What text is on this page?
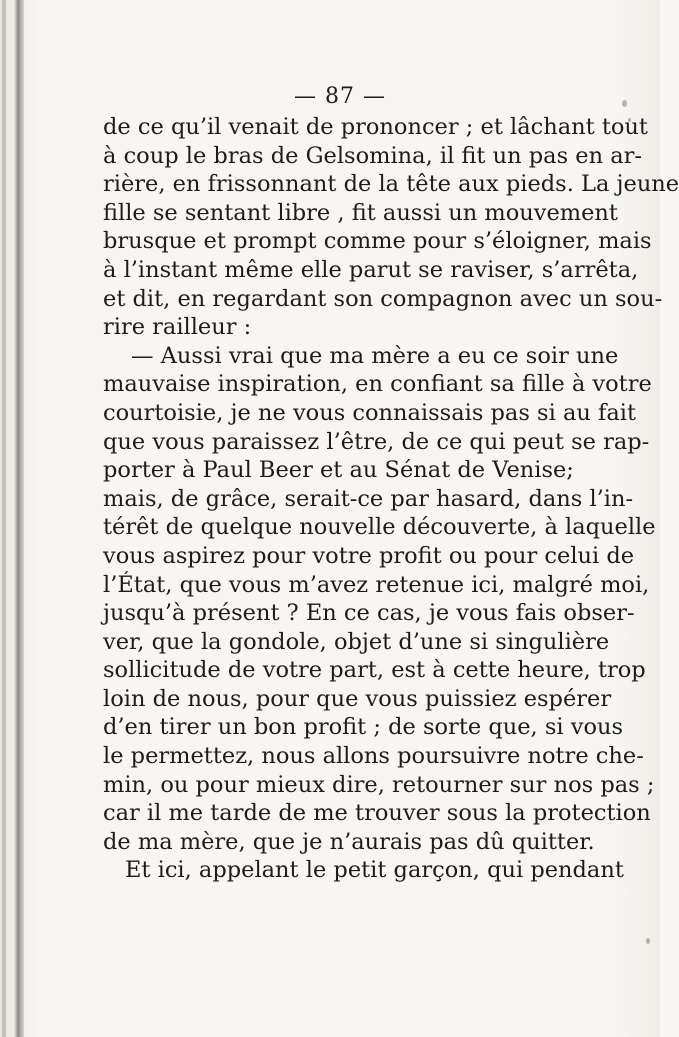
— 87 —
de ce qu’il venait de prononcer ; et lâchant tout
à coup le bras de Gelsomina, il fit un pas en ar-
rière, en frissonnant de la tête aux pieds. La jeune
fille se sentant libre , fit aussi un mouvement
brusque et prompt comme pour s’éloigner, mais
à l’instant même elle parut se raviser, s’arrêta,
et dit, en regardant son compagnon avec un sou-
rire railleur :
— Aussi vrai que ma mère a eu ce soir une
mauvaise inspiration, en confiant sa fille à votre
courtoisie, je ne vous connaissais pas si au fait
que vous paraissez l’être, de ce qui peut se rap-
porter à Paul Beer et au Sénat de Venise;
mais, de grâce, serait-ce par hasard, dans l’in-
térêt de quelque nouvelle découverte, à laquelle
vous aspirez pour votre profit ou pour celui de
l’État, que vous m’avez retenue ici, malgré moi,
jusqu’à présent ? En ce cas, je vous fais obser-
ver, que la gondole, objet d’une si singulière
sollicitude de votre part, est à cette heure, trop
loin de nous, pour que vous puissiez espérer
d’en tirer un bon profit ; de sorte que, si vous
le permettez, nous allons poursuivre notre che-
min, ou pour mieux dire, retourner sur nos pas ;
car il me tarde de me trouver sous la protection
de ma mère, que je n’aurais pas dû quitter.
Et ici, appelant le petit garçon, qui pendant
